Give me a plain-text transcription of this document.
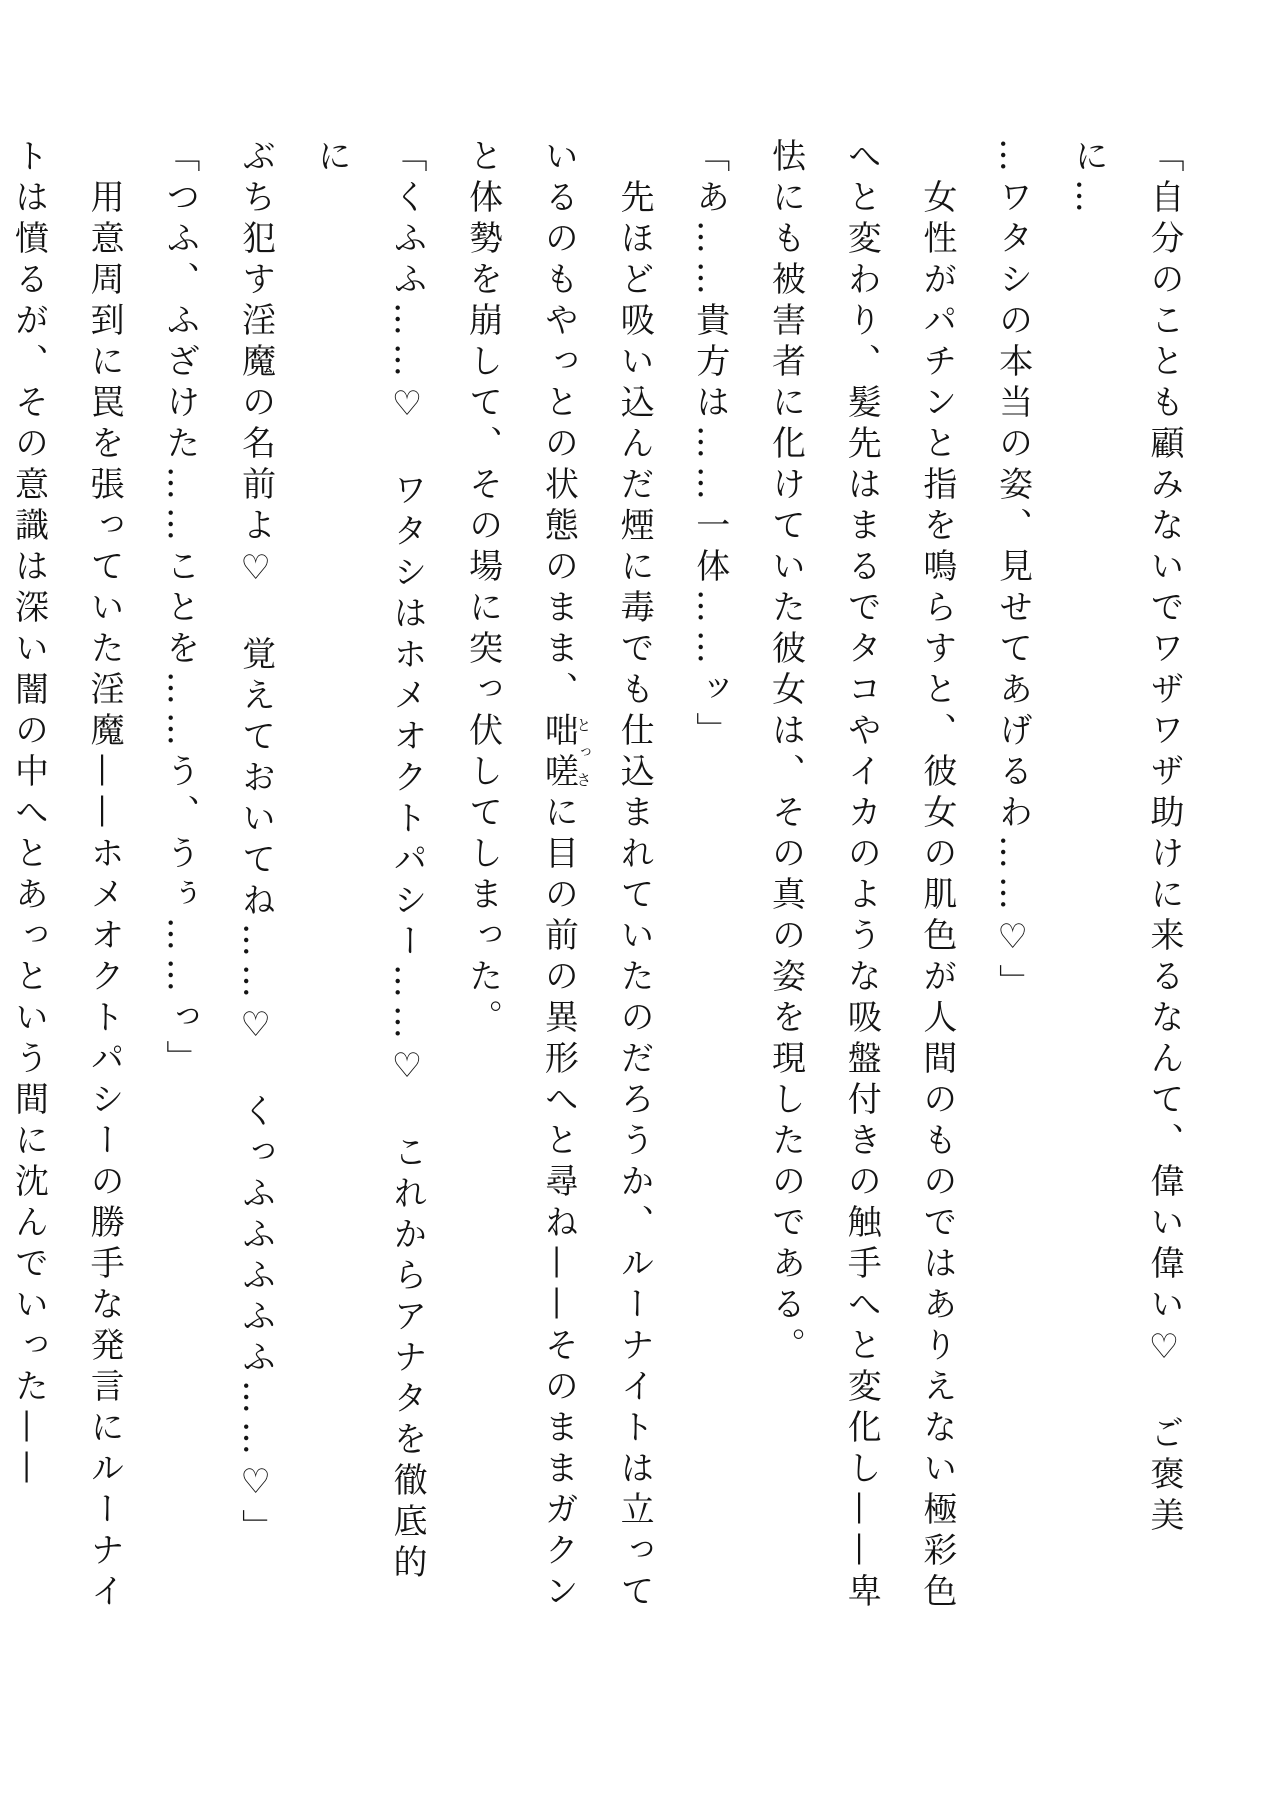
「自分のことも顧みないでワザワザ助けに来るなんて、偉い偉い♡　ご褒美に…

…ワタシの本当の姿、見せてあげるわ……♡」

　女性がパチンと指を鳴らすと、彼女の肌色が人間のものではありえない極彩色

へと変わり、髪先はまるでタコやイカのような吸盤付きの触手へと変化し——卑

怯にも被害者に化けていた彼女は、その真の姿を現したのである。

「あ……貴方は……一体……ッ」

　先ほど吸い込んだ煙に毒でも仕込まれていたのだろうか、ルーナイトは立って

いるのもやっとの状態のまま、咄嗟とっさに目の前の異形へと尋ね——そのままガクン

と体勢を崩して、その場に突っ伏してしまった。

「くふふ……♡　ワタシはホメオクトパシー……♡　これからアナタを徹底的に

ぶち犯す淫魔の名前よ♡　覚えておいてね……♡　くっふふふふふ……♡」

「つふ、ふざけた……ことを……う、うぅ……っ」

　用意周到に罠を張っていた淫魔——ホメオクトパシーの勝手な発言にルーナイ

トは憤るが、その意識は深い闇の中へとあっという間に沈んでいった——
